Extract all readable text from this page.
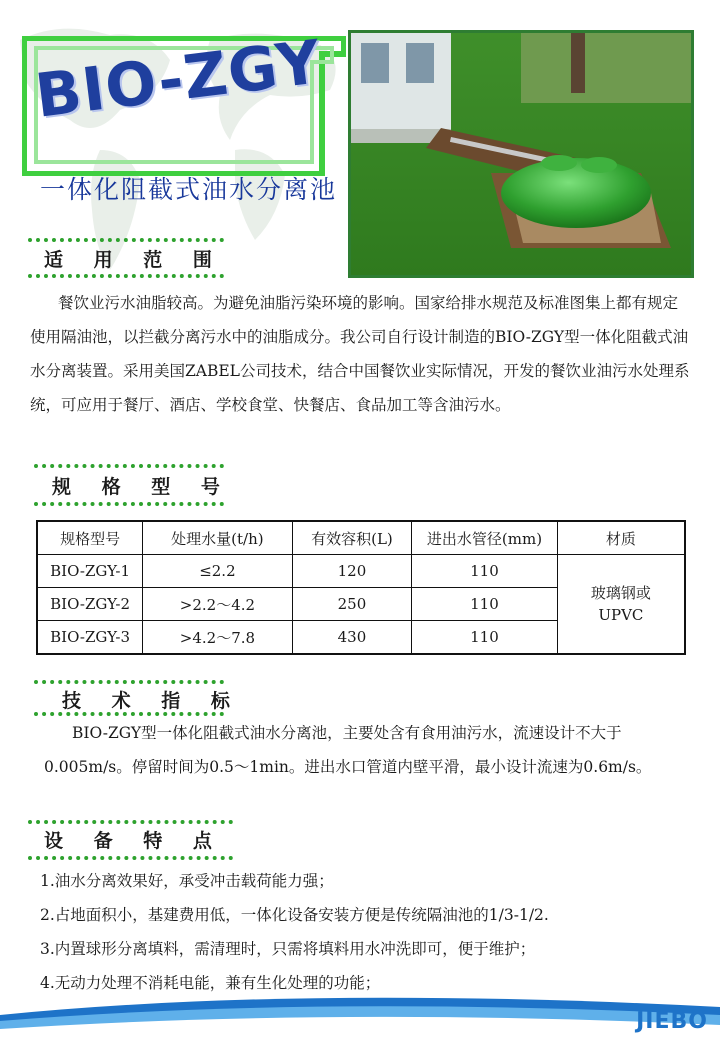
BIO-ZGY
一体化阻截式油水分离池
适 用 范 围
餐饮业污水油脂较高。为避免油脂污染环境的影响。国家给排水规范及标准图集上都有规定使用隔油池，以拦截分离污水中的油脂成分。我公司自行设计制造的BIO-ZGY型一体化阻截式油水分离装置。采用美国ZABEL公司技术，结合中国餐饮业实际情况，开发的餐饮业油污水处理系统，可应用于餐厅、酒店、学校食堂、快餐店、食品加工等含油污水。
规 格 型 号
规格型号	处理水量(t/h)	有效容积(L)	进出水管径(mm)	材质
BIO-ZGY-1	≤2.2	120	110	玻璃钢或UPVC
BIO-ZGY-2	>2.2～4.2	250	110	
BIO-ZGY-3	>4.2～7.8	430	110	
技 术 指 标
BIO-ZGY型一体化阻截式油水分离池，主要处含有食用油污水，流速设计不大于0.005m/s。停留时间为0.5～1min。进出水口管道内壁平滑，最小设计流速为0.6m/s。
设 备 特 点
1.油水分离效果好，承受冲击载荷能力强；
2.占地面积小，基建费用低，一体化设备安装方便是传统隔油池的1/3-1/2.
3.内置球形分离填料，需清理时，只需将填料用水冲洗即可，便于维护；
4.无动力处理不消耗电能，兼有生化处理的功能；
JIEBO
